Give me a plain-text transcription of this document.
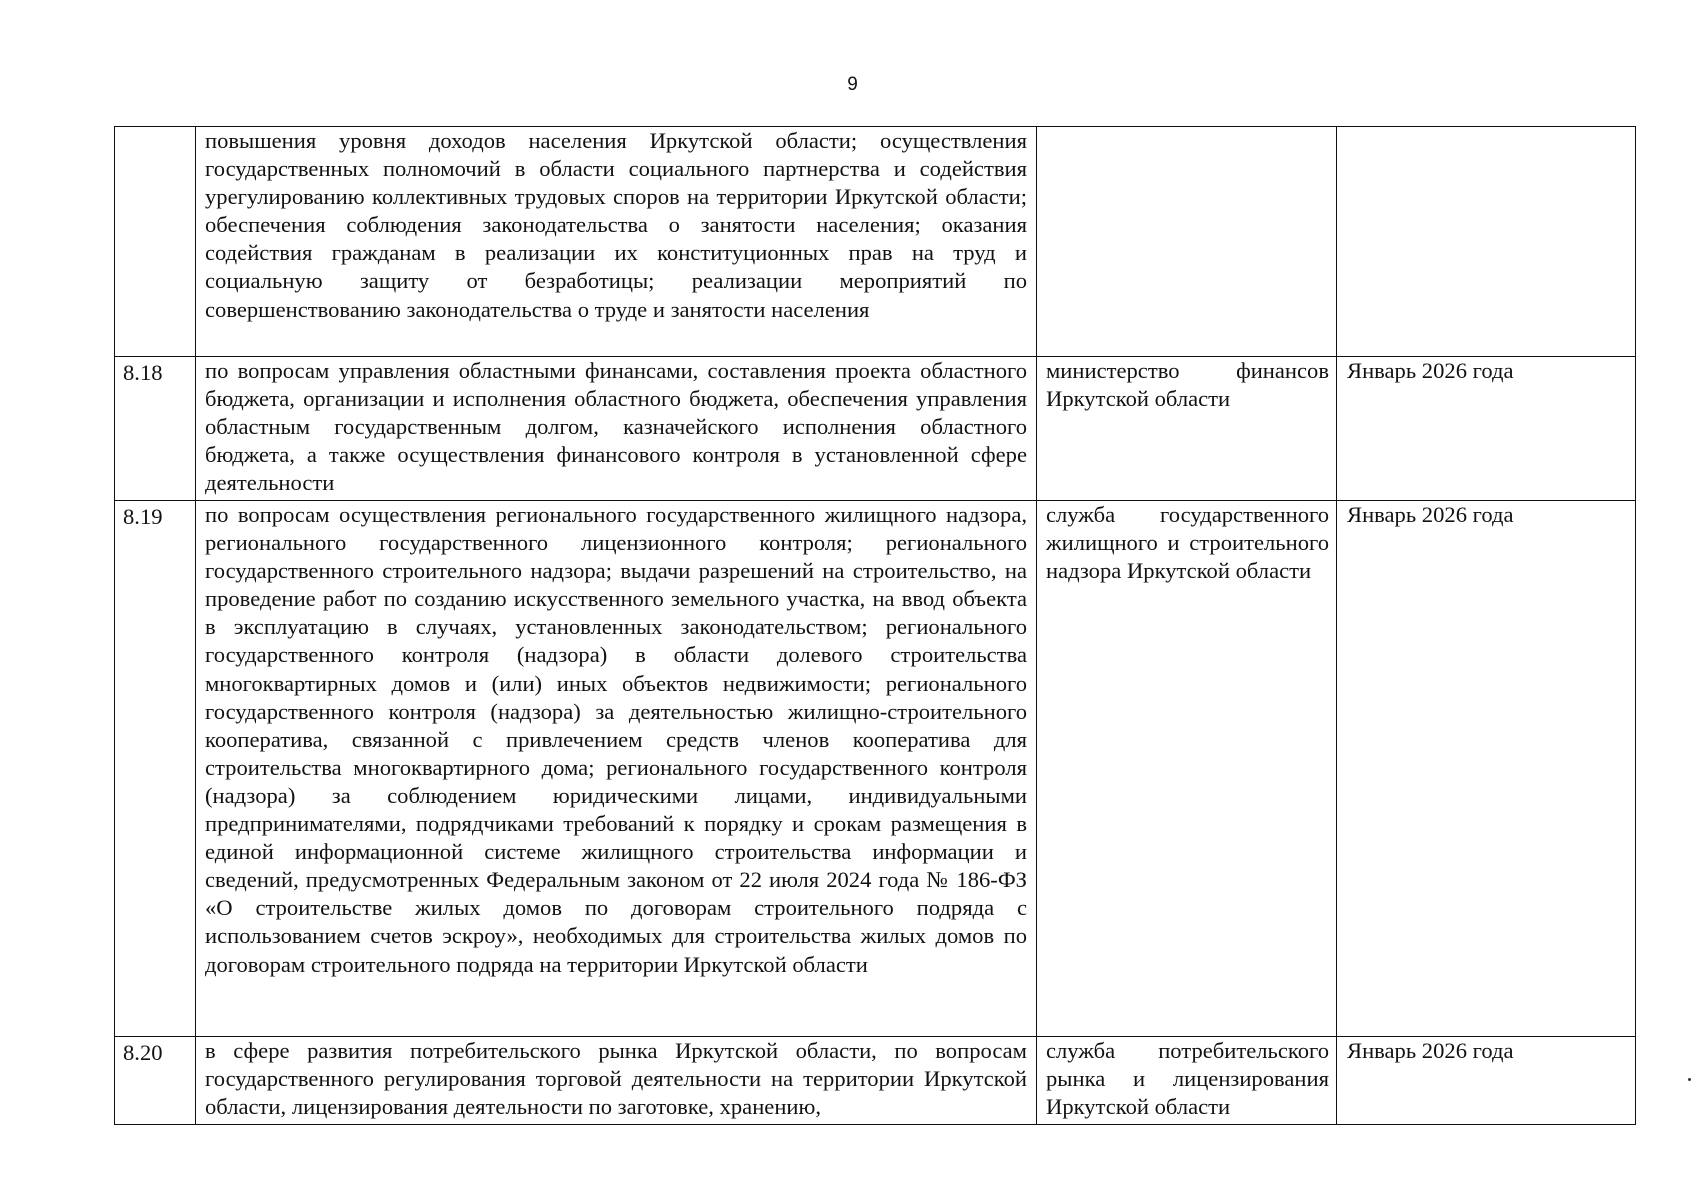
9

	повышения уровня доходов населения Иркутской области; осуществления государственных полномочий в области социального партнерства и содействия урегулированию коллективных трудовых споров на территории Иркутской области; обеспечения соблюдения законодательства о занятости населения; оказания содействия гражданам в реализации их конституционных прав на труд и социальную защиту от безработицы; реализации мероприятий по совершенствованию законодательства о труде и занятости населения		

8.18	по вопросам управления областными финансами, составления проекта областного бюджета, организации и исполнения областного бюджета, обеспечения управления областным государственным долгом, казначейского исполнения областного бюджета, а также осуществления финансового контроля в установленной сфере деятельности	министерство финансов Иркутской области	Январь 2026 года
8.19	по вопросам осуществления регионального государственного жилищного надзора, регионального государственного лицензионного контроля; регионального государственного строительного надзора; выдачи разрешений на строительство, на проведение работ по созданию искусственного земельного участка, на ввод объекта в эксплуатацию в случаях, установленных законодательством; регионального государственного контроля (надзора) в области долевого строительства многоквартирных домов и (или) иных объектов недвижимости; регионального государственного контроля (надзора) за деятельностью жилищно-строительного кооператива, связанной с привлечением средств членов кооператива для строительства многоквартирного дома; регионального государственного контроля (надзора) за соблюдением юридическими лицами, индивидуальными предпринимателями, подрядчиками требований к порядку и срокам размещения в единой информационной системе жилищного строительства информации и сведений, предусмотренных Федеральным законом от 22 июля 2024 года № 186-ФЗ «О строительстве жилых домов по договорам строительного подряда с использованием счетов эскроу», необходимых для строительства жилых домов по договорам строительного подряда на территории Иркутской области	служба государственного жилищного и строительного надзора Иркутской области	Январь 2026 года
8.20	в сфере развития потребительского рынка Иркутской области, по вопросам государственного регулирования торговой деятельности на территории Иркутской области, лицензирования деятельности по заготовке, хранению,	служба потребительского рынка и лицензирования Иркутской области	Январь 2026 года
